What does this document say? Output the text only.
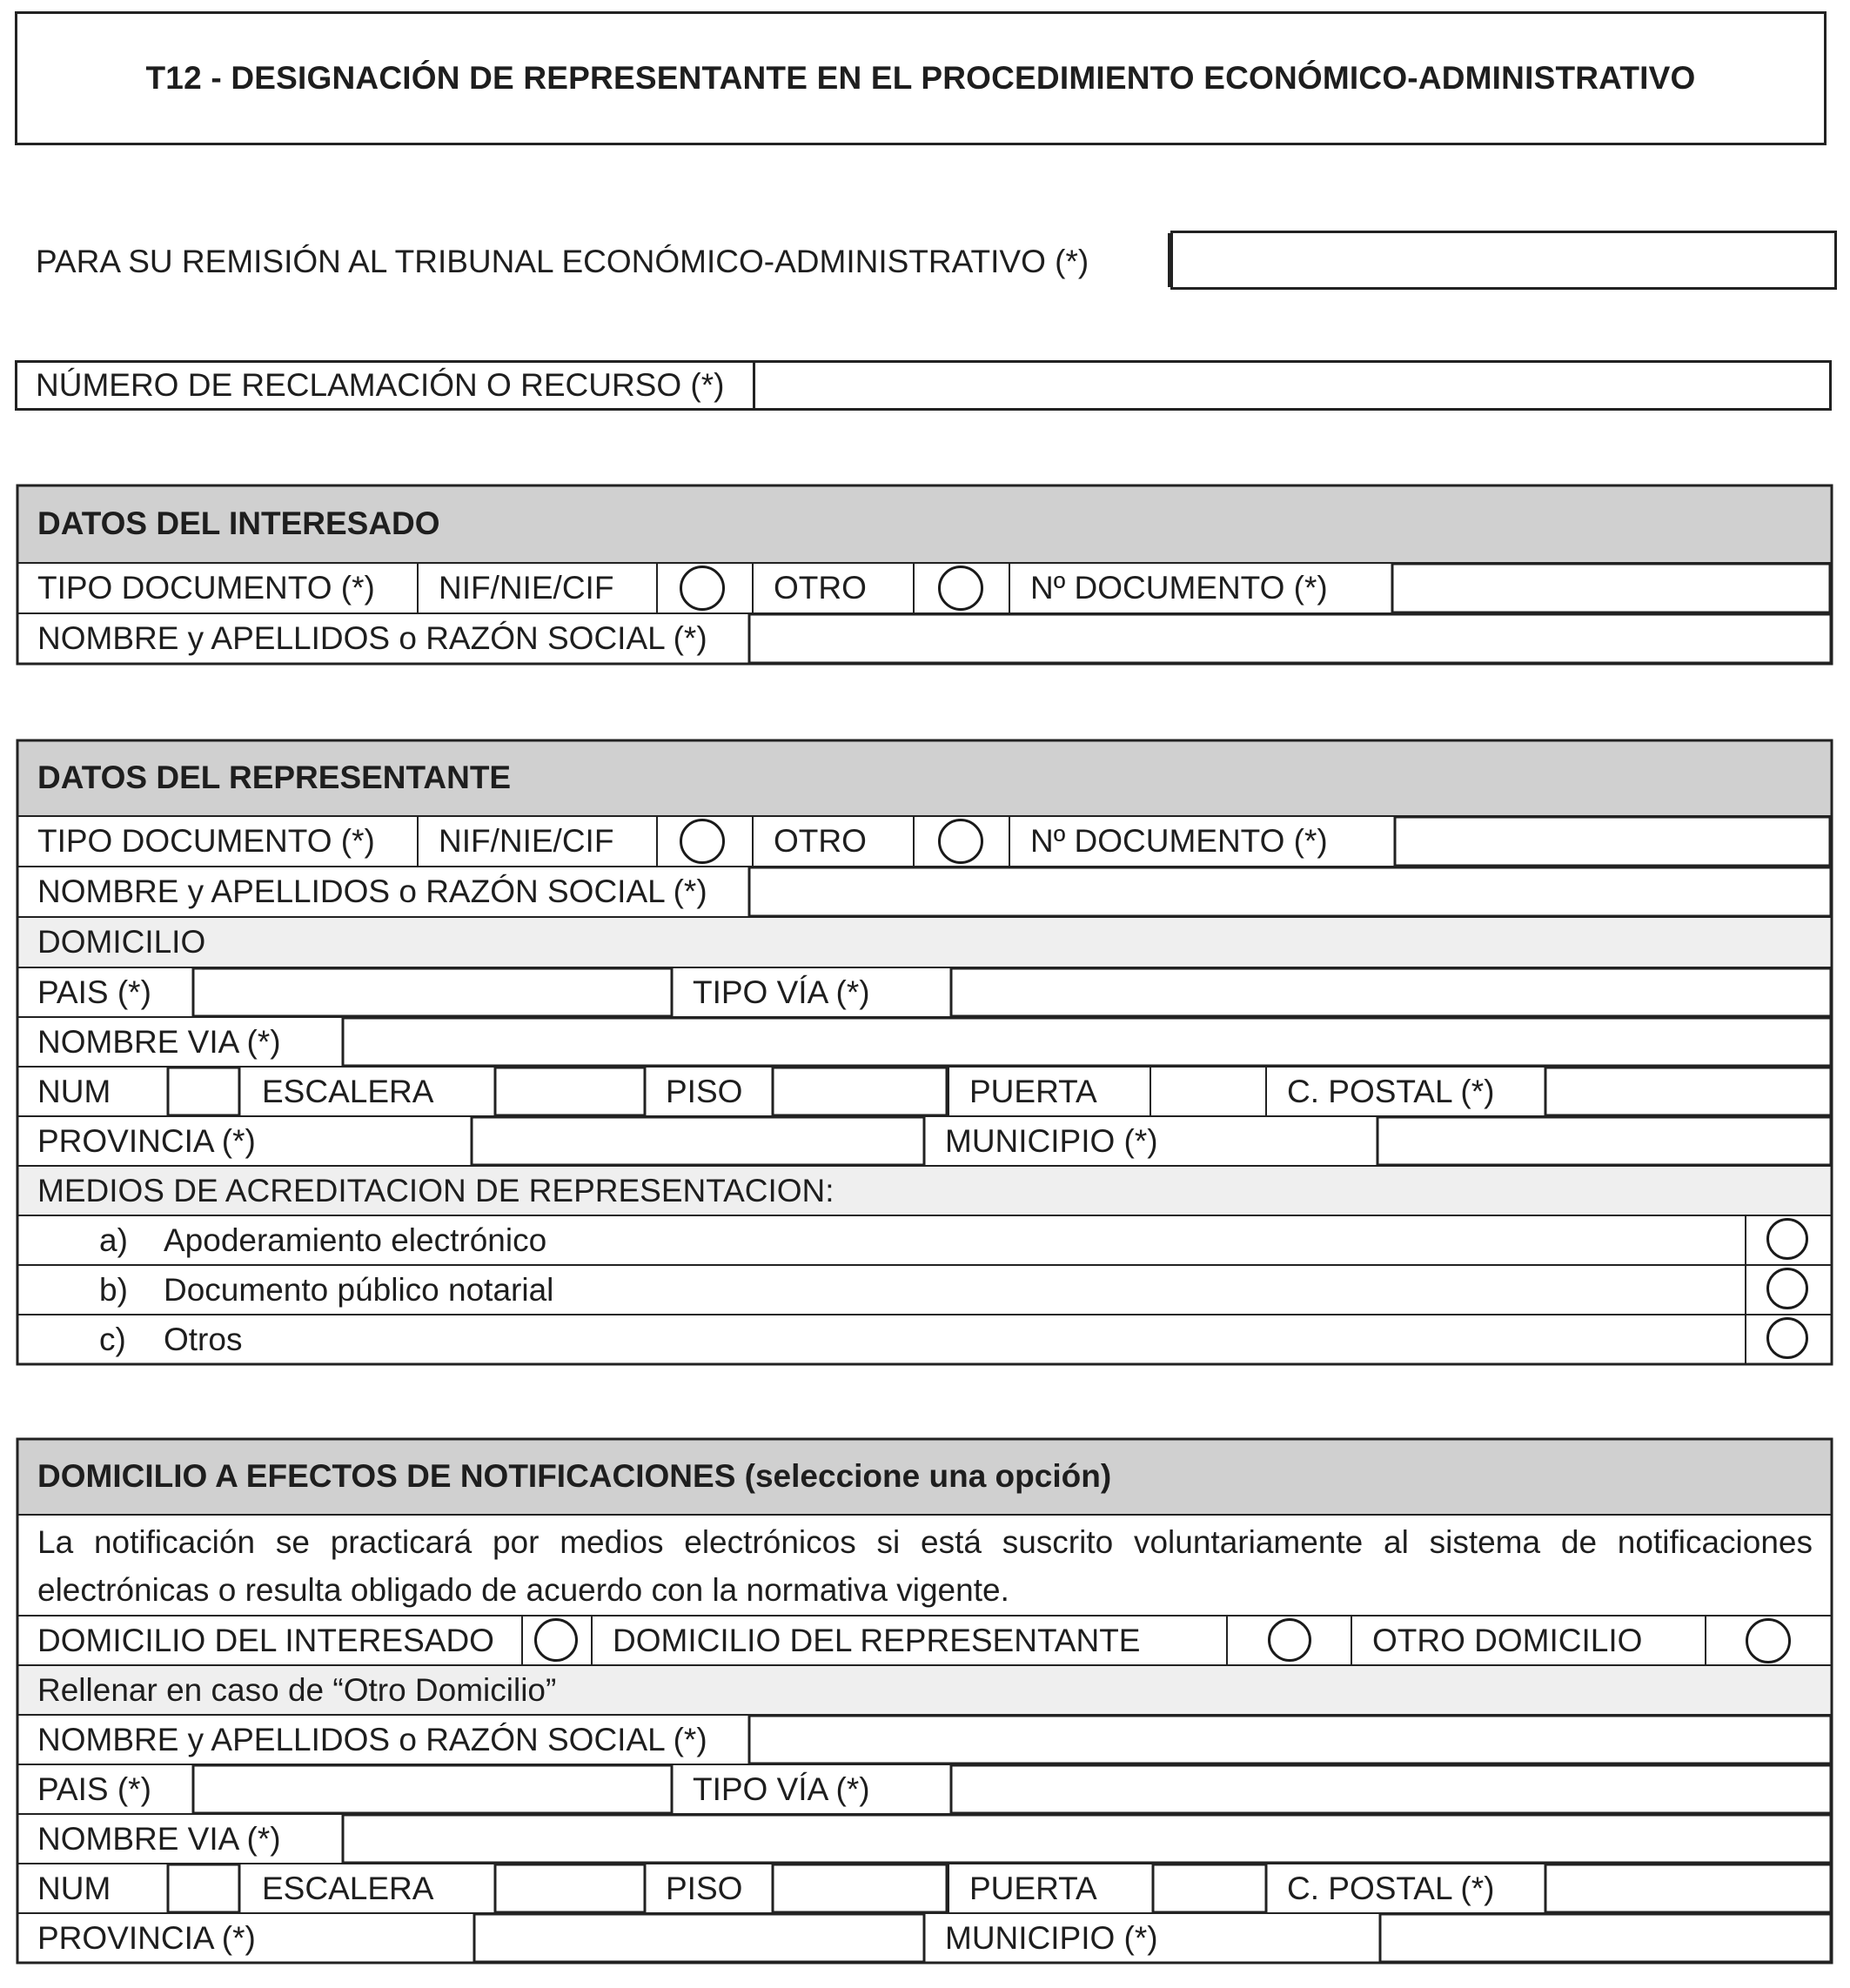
T12 - DESIGNACIÓN DE REPRESENTANTE EN EL PROCEDIMIENTO ECONÓMICO-ADMINISTRATIVO
PARA SU REMISIÓN AL TRIBUNAL ECONÓMICO-ADMINISTRATIVO (*)
NÚMERO DE RECLAMACIÓN O RECURSO (*)
DATOS DEL INTERESADO
TIPO DOCUMENTO (*)	NIF/NIE/CIF	OTRO	Nº DOCUMENTO (*)
NOMBRE y APELLIDOS o RAZÓN SOCIAL (*)
DATOS DEL REPRESENTANTE
TIPO DOCUMENTO (*)	NIF/NIE/CIF	OTRO	Nº DOCUMENTO (*)
NOMBRE y APELLIDOS o RAZÓN SOCIAL (*)
DOMICILIO
PAIS (*)	TIPO VÍA (*)
NOMBRE VIA (*)
NUM	ESCALERA	PISO	PUERTA	C. POSTAL (*)
PROVINCIA (*)	MUNICIPIO (*)
MEDIOS DE ACREDITACION DE REPRESENTACION:
a) Apoderamiento electrónico
b) Documento público notarial
c) Otros
DOMICILIO A EFECTOS DE NOTIFICACIONES (seleccione una opción)
La notificación se practicará por medios electrónicos si está suscrito voluntariamente al sistema de notificaciones electrónicas o resulta obligado de acuerdo con la normativa vigente.
DOMICILIO DEL INTERESADO	DOMICILIO DEL REPRESENTANTE	OTRO DOMICILIO
Rellenar en caso de “Otro Domicilio”
NOMBRE y APELLIDOS o RAZÓN SOCIAL (*)
PAIS (*)	TIPO VÍA (*)
NOMBRE VIA (*)
NUM	ESCALERA	PISO	PUERTA	C. POSTAL (*)
PROVINCIA (*)	MUNICIPIO (*)
